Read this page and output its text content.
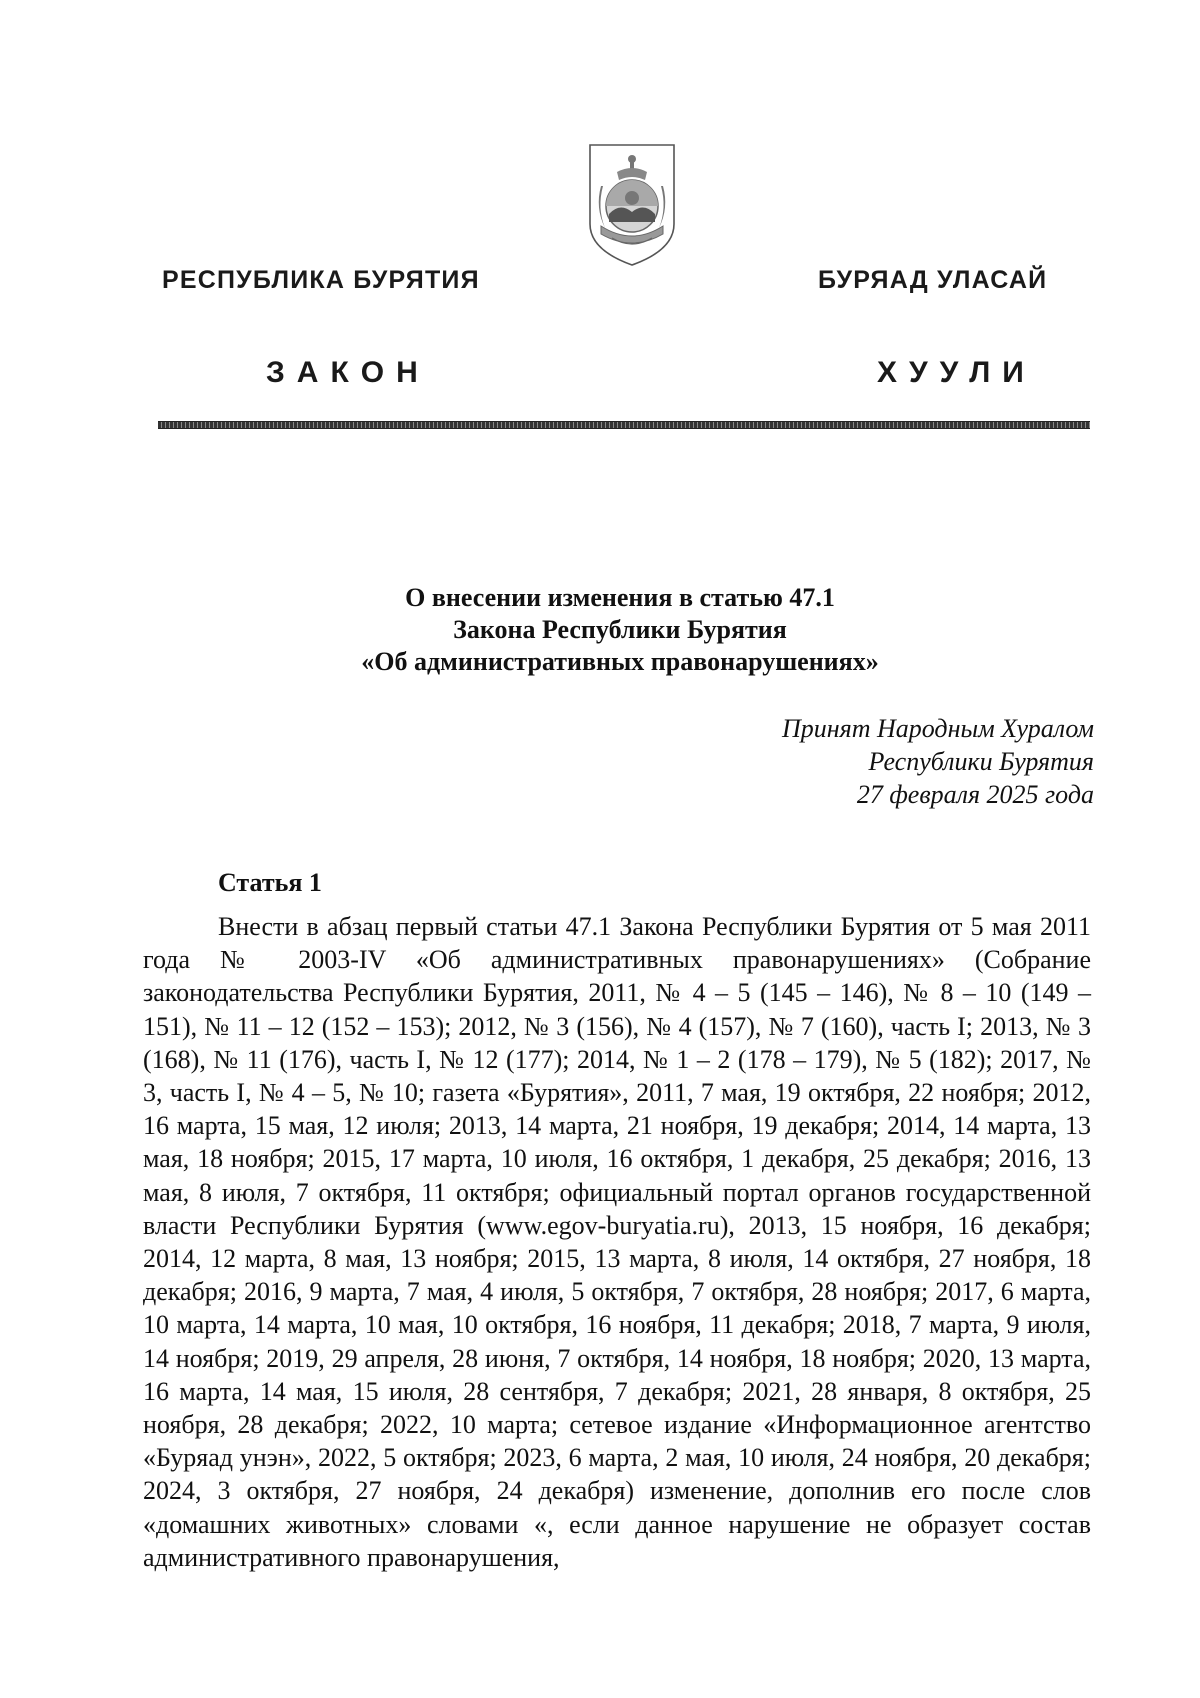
РЕСПУБЛИКА БУРЯТИЯ	БУРЯАД УЛАСАЙ
ЗАКОН	ХУУЛИ
О внесении изменения в статью 47.1
Закона Республики Бурятия
«Об административных правонарушениях»
Принят Народным Хуралом
Республики Бурятия
27 февраля 2025 года
Статья 1

Внести в абзац первый статьи 47.1 Закона Республики Бурятия от 5 мая 2011 года № 2003-IV «Об административных правонарушениях» (Собрание законодательства Республики Бурятия, 2011, № 4 – 5 (145 – 146), № 8 – 10 (149 – 151), № 11 – 12 (152 – 153); 2012, № 3 (156), № 4 (157), № 7 (160), часть I; 2013, № 3 (168), № 11 (176), часть I, № 12 (177); 2014, № 1 – 2 (178 – 179), № 5 (182); 2017, № 3, часть I, № 4 – 5, № 10; газета «Бурятия», 2011, 7 мая, 19 октября, 22 ноября; 2012, 16 марта, 15 мая, 12 июля; 2013, 14 марта, 21 ноября, 19 декабря; 2014, 14 марта, 13 мая, 18 ноября; 2015, 17 марта, 10 июля, 16 октября, 1 декабря, 25 декабря; 2016, 13 мая, 8 июля, 7 октября, 11 октября; официальный портал органов государственной власти Республики Бурятия (www.egov-buryatia.ru), 2013, 15 ноября, 16 декабря; 2014, 12 марта, 8 мая, 13 ноября; 2015, 13 марта, 8 июля, 14 октября, 27 ноября, 18 декабря; 2016, 9 марта, 7 мая, 4 июля, 5 октября, 7 октября, 28 ноября; 2017, 6 марта, 10 марта, 14 марта, 10 мая, 10 октября, 16 ноября, 11 декабря; 2018, 7 марта, 9 июля, 14 ноября; 2019, 29 апреля, 28 июня, 7 октября, 14 ноября, 18 ноября; 2020, 13 марта, 16 марта, 14 мая, 15 июля, 28 сентября, 7 декабря; 2021, 28 января, 8 октября, 25 ноября, 28 декабря; 2022, 10 марта; сетевое издание «Информационное агентство «Буряад унэн», 2022, 5 октября; 2023, 6 марта, 2 мая, 10 июля, 24 ноября, 20 декабря; 2024, 3 октября, 27 ноября, 24 декабря) изменение, дополнив его после слов «домашних животных» словами «, если данное нарушение не образует состав административного правонарушения,
